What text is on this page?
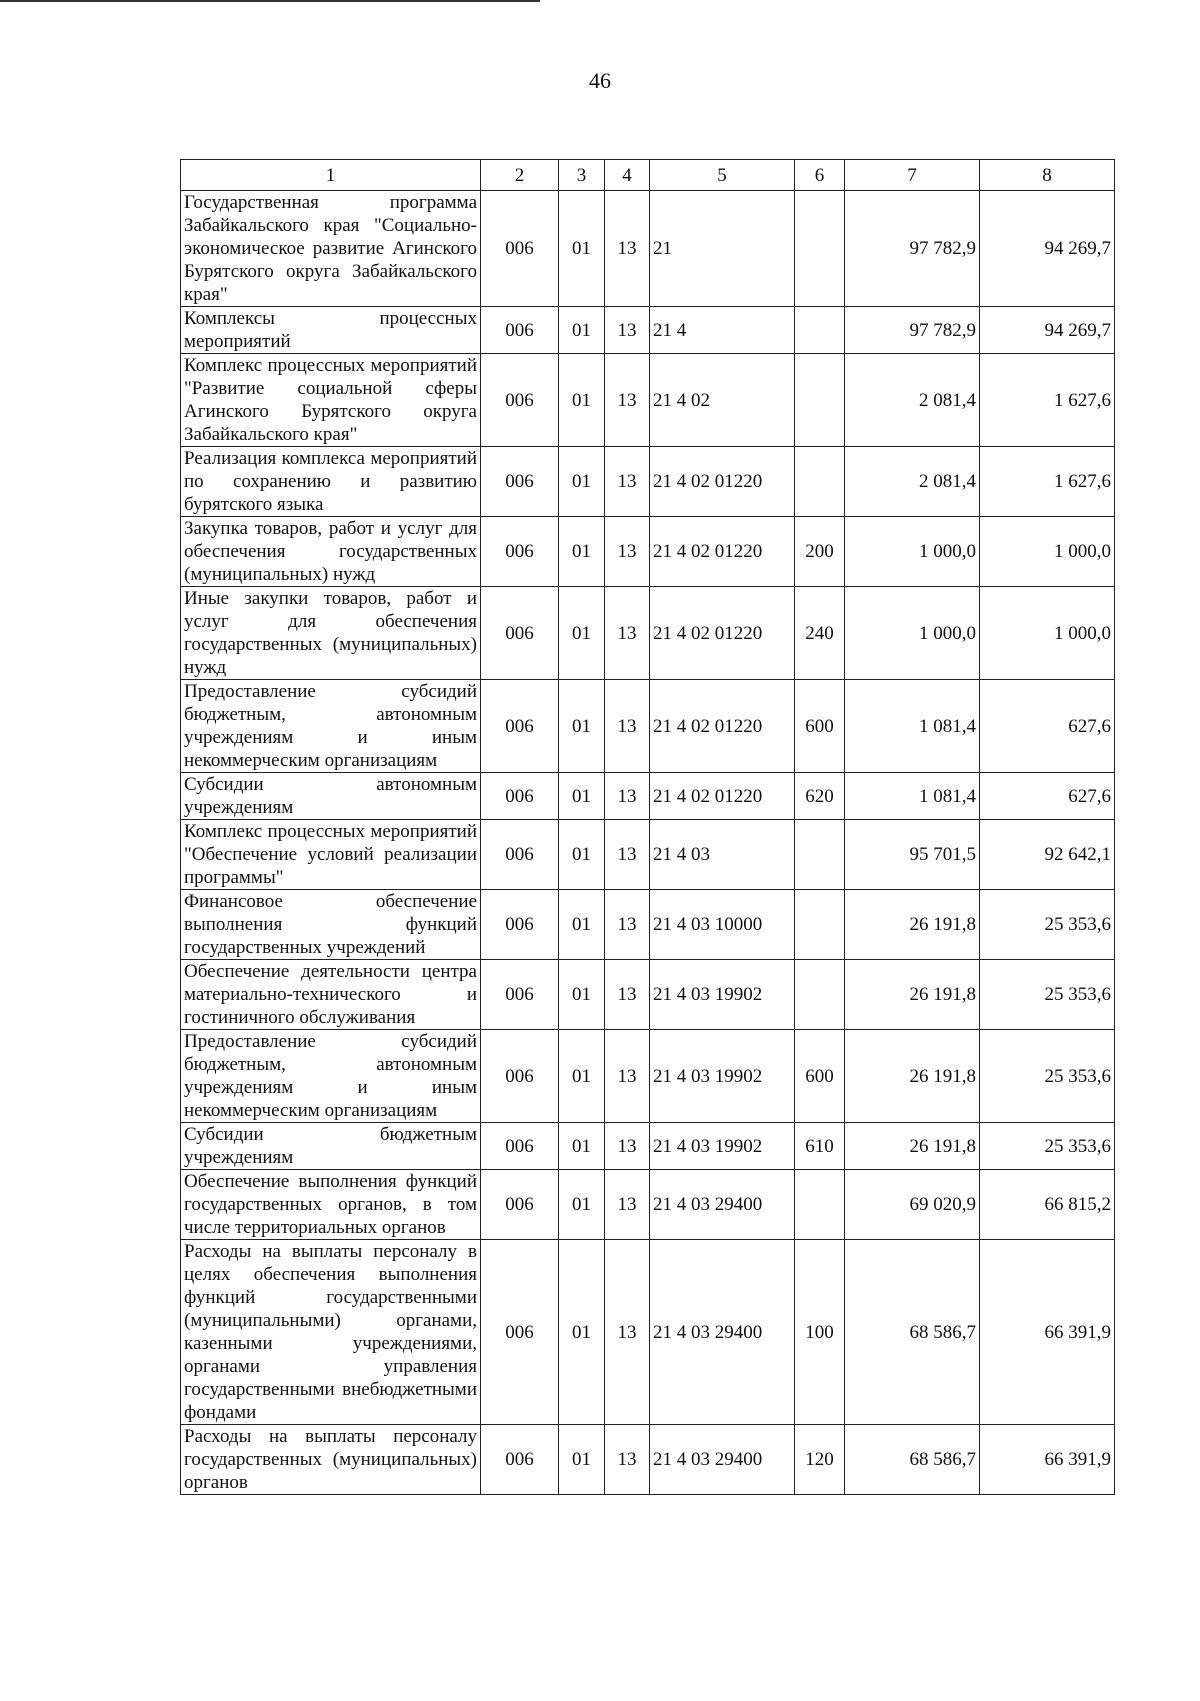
46
1	2	3	4	5	6	7	8
Государственная программа Забайкальского края "Социально-экономическое развитие Агинского Бурятского округа Забайкальского края"	006	01	13	21		97 782,9	94 269,7
Комплексы процессных мероприятий	006	01	13	21 4		97 782,9	94 269,7
Комплекс процессных мероприятий "Развитие социальной сферы Агинского Бурятского округа Забайкальского края"	006	01	13	21 4 02		2 081,4	1 627,6
Реализация комплекса мероприятий по сохранению и развитию бурятского языка	006	01	13	21 4 02 01220		2 081,4	1 627,6
Закупка товаров, работ и услуг для обеспечения государственных (муниципальных) нужд	006	01	13	21 4 02 01220	200	1 000,0	1 000,0
Иные закупки товаров, работ и услуг для обеспечения государственных (муниципальных) нужд	006	01	13	21 4 02 01220	240	1 000,0	1 000,0
Предоставление субсидий бюджетным, автономным учреждениям и иным некоммерческим организациям	006	01	13	21 4 02 01220	600	1 081,4	627,6
Субсидии автономным учреждениям	006	01	13	21 4 02 01220	620	1 081,4	627,6
Комплекс процессных мероприятий "Обеспечение условий реализации программы"	006	01	13	21 4 03		95 701,5	92 642,1
Финансовое обеспечение выполнения функций государственных учреждений	006	01	13	21 4 03 10000		26 191,8	25 353,6
Обеспечение деятельности центра материально-технического и гостиничного обслуживания	006	01	13	21 4 03 19902		26 191,8	25 353,6
Предоставление субсидий бюджетным, автономным учреждениям и иным некоммерческим организациям	006	01	13	21 4 03 19902	600	26 191,8	25 353,6
Субсидии бюджетным учреждениям	006	01	13	21 4 03 19902	610	26 191,8	25 353,6
Обеспечение выполнения функций государственных органов, в том числе территориальных органов	006	01	13	21 4 03 29400		69 020,9	66 815,2
Расходы на выплаты персоналу в целях обеспечения выполнения функций государственными (муниципальными) органами, казенными учреждениями, органами управления государственными внебюджетными фондами	006	01	13	21 4 03 29400	100	68 586,7	66 391,9
Расходы на выплаты персоналу государственных (муниципальных) органов	006	01	13	21 4 03 29400	120	68 586,7	66 391,9
